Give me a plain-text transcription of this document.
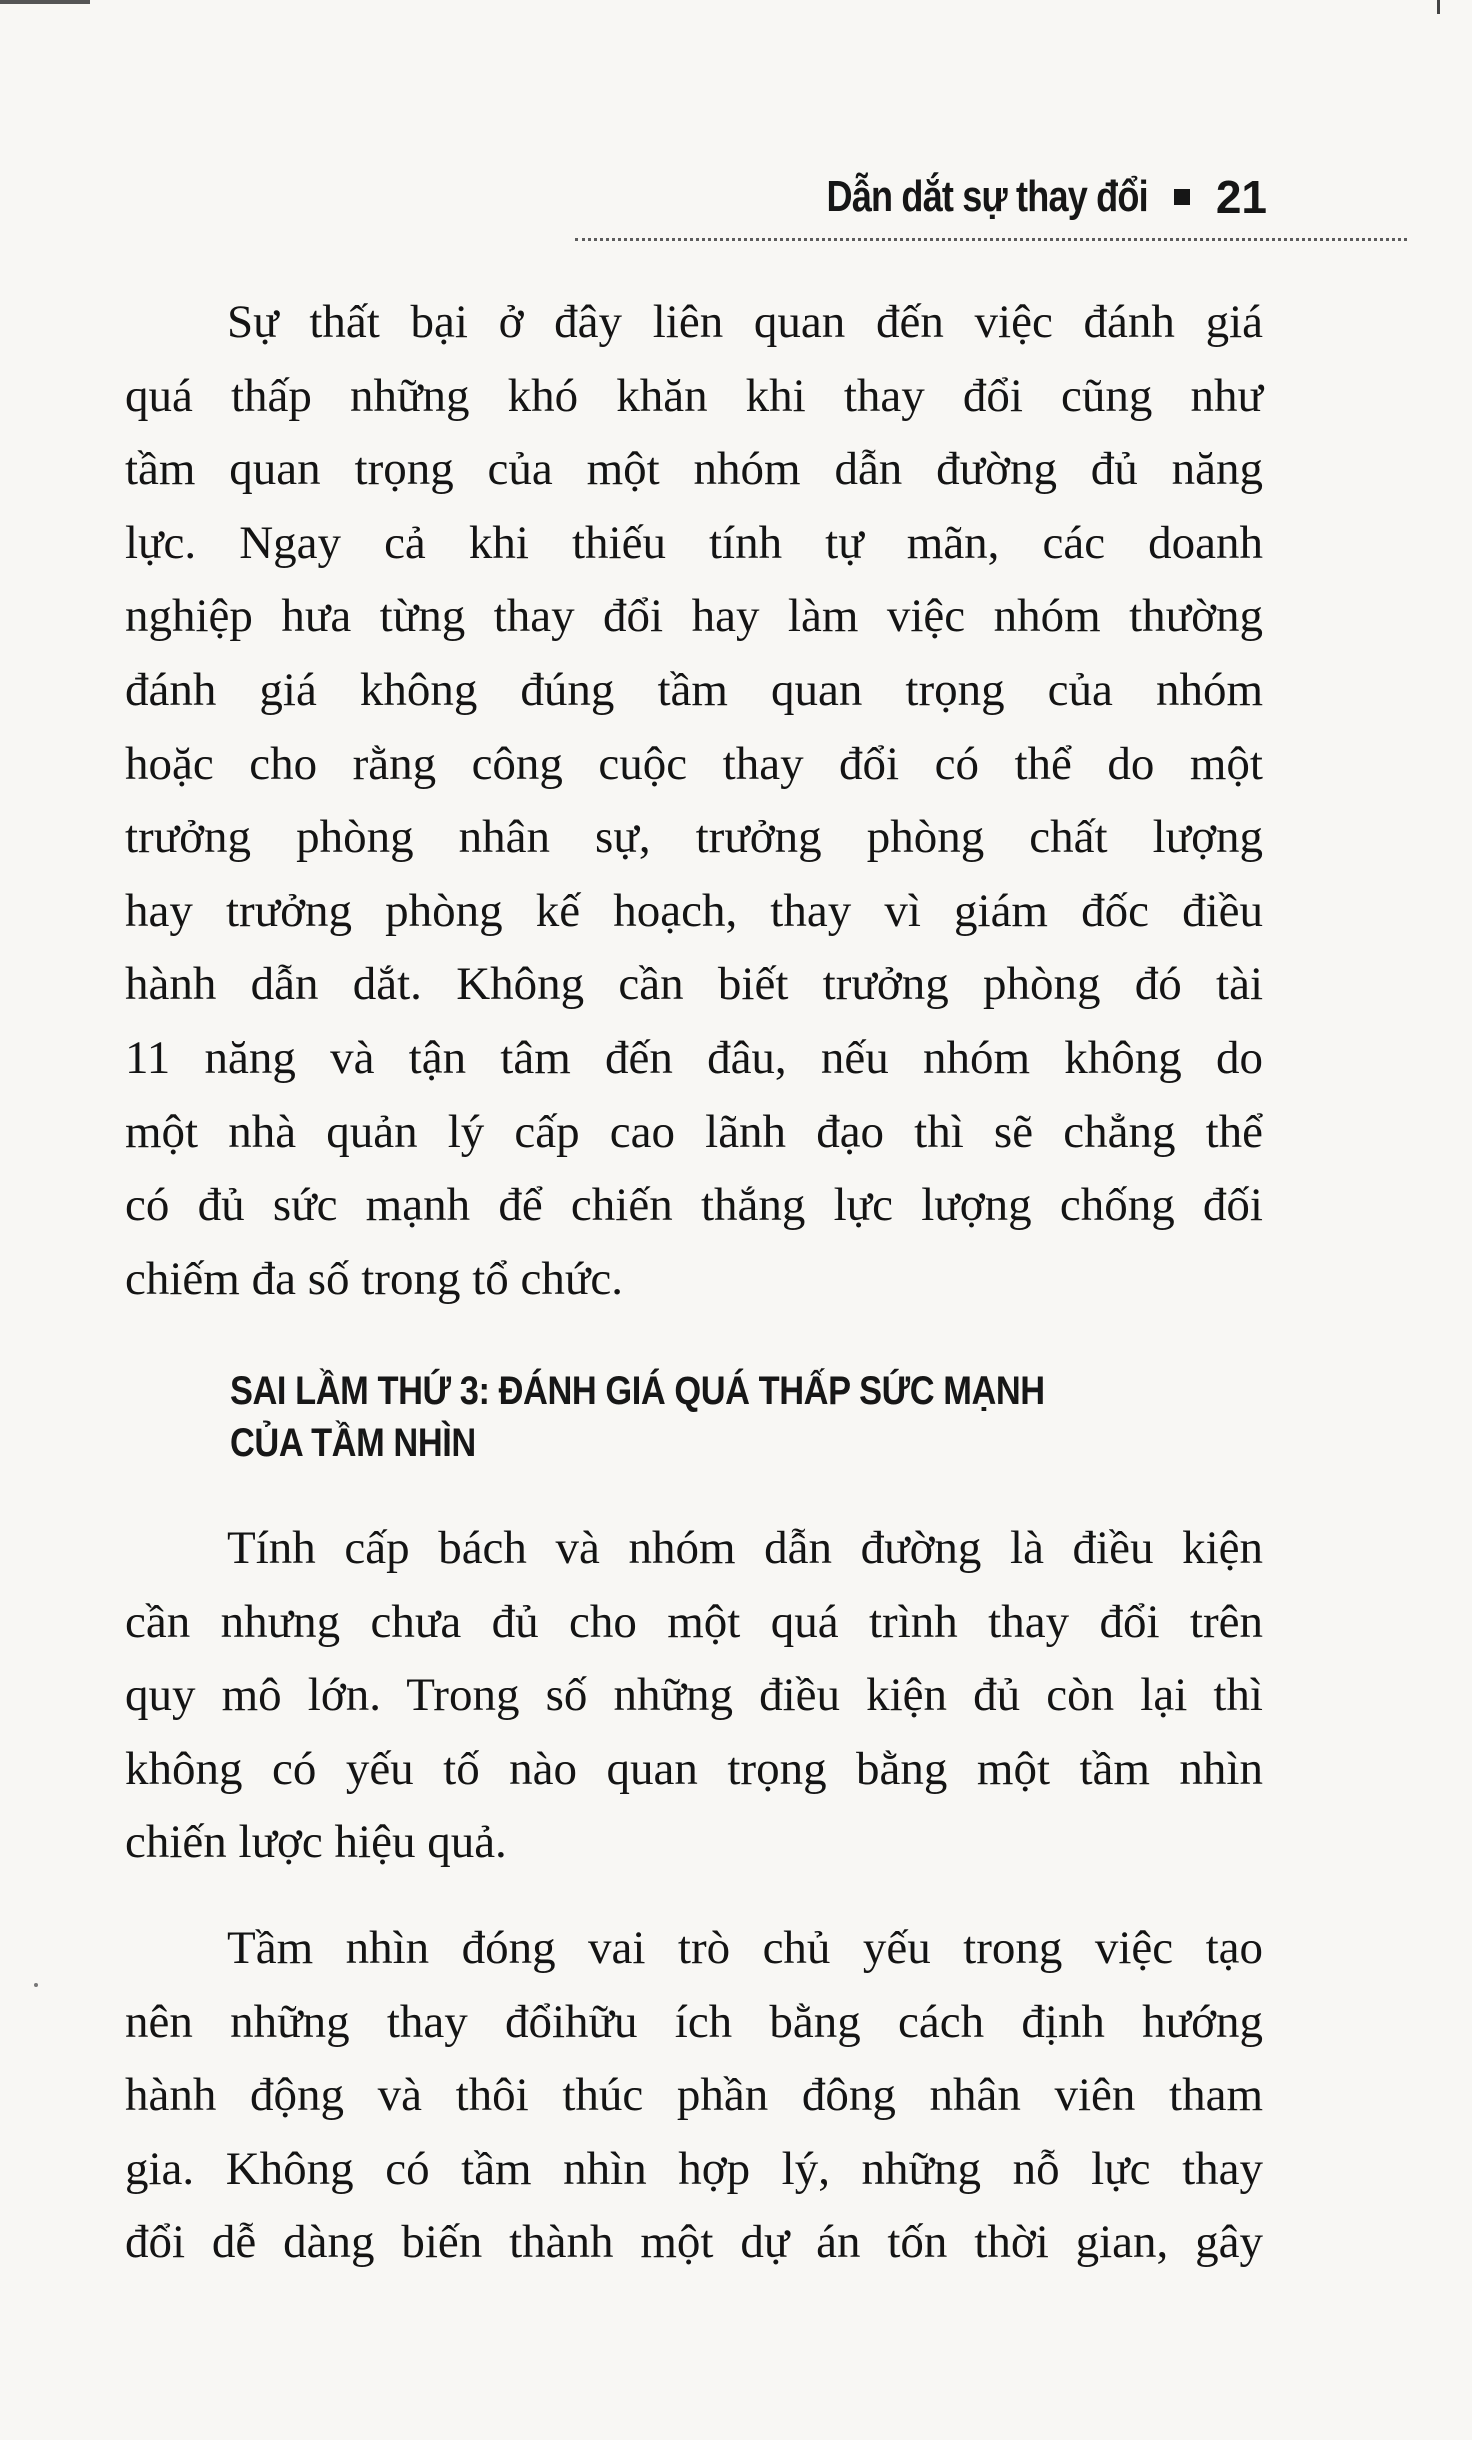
Dẫn dắt sự thay đổi 21
Sự thất bại ở đây liên quan đến việc đánh giá
quá thấp những khó khăn khi thay đổi cũng như
tầm quan trọng của một nhóm dẫn đường đủ năng
lực. Ngay cả khi thiếu tính tự mãn, các doanh
nghiệp hưa từng thay đổi hay làm việc nhóm thường
đánh giá không đúng tầm quan trọng của nhóm
hoặc cho rằng công cuộc thay đổi có thể do một
trưởng phòng nhân sự, trưởng phòng chất lượng
hay trưởng phòng kế hoạch, thay vì giám đốc điều
hành dẫn dắt. Không cần biết trưởng phòng đó tài
11 năng và tận tâm đến đâu, nếu nhóm không do
một nhà quản lý cấp cao lãnh đạo thì sẽ chẳng thể
có đủ sức mạnh để chiến thắng lực lượng chống đối
chiếm đa số trong tổ chức.
SAI LẦM THỨ 3: ĐÁNH GIÁ QUÁ THẤP SỨC MẠNH
CỦA TẦM NHÌN
Tính cấp bách và nhóm dẫn đường là điều kiện
cần nhưng chưa đủ cho một quá trình thay đổi trên
quy mô lớn. Trong số những điều kiện đủ còn lại thì
không có yếu tố nào quan trọng bằng một tầm nhìn
chiến lược hiệu quả.
Tầm nhìn đóng vai trò chủ yếu trong việc tạo
nên những thay đổihữu ích bằng cách định hướng
hành động và thôi thúc phần đông nhân viên tham
gia. Không có tầm nhìn hợp lý, những nỗ lực thay
đổi dễ dàng biến thành một dự án tốn thời gian, gây
